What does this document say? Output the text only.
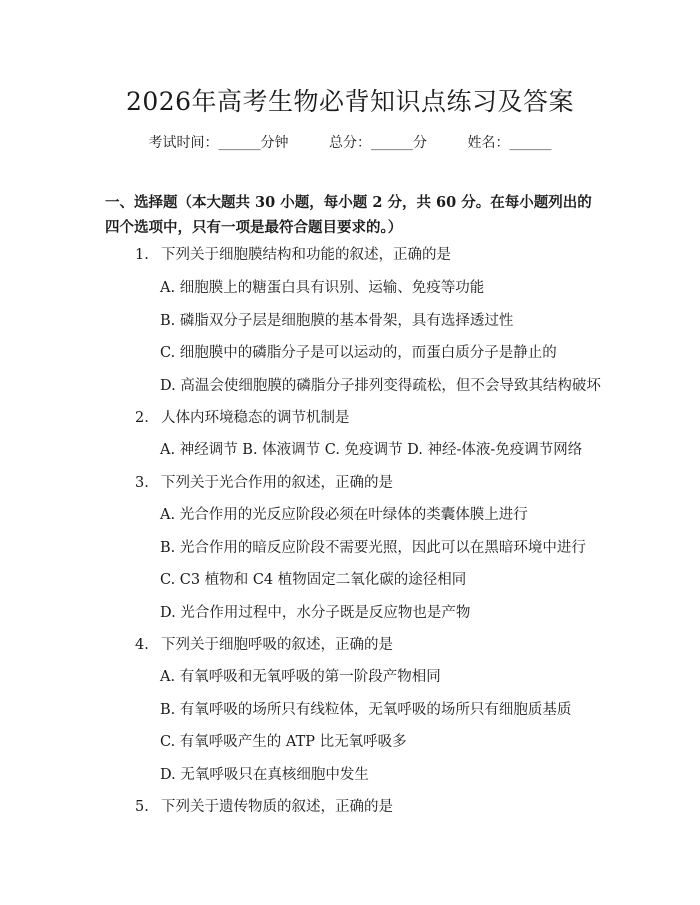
2026年高考生物必背知识点练习及答案
考试时间：______分钟	总分：______分	姓名：______
一、选择题（本大题共 30 小题，每小题 2 分，共 60 分。在每小题列出的四个选项中，只有一项是最符合题目要求的。）
1. 下列关于细胞膜结构和功能的叙述，正确的是
A. 细胞膜上的糖蛋白具有识别、运输、免疫等功能
B. 磷脂双分子层是细胞膜的基本骨架，具有选择透过性
C. 细胞膜中的磷脂分子是可以运动的，而蛋白质分子是静止的
D. 高温会使细胞膜的磷脂分子排列变得疏松，但不会导致其结构破坏
2. 人体内环境稳态的调节机制是
A. 神经调节 B. 体液调节 C. 免疫调节 D. 神经-体液-免疫调节网络
3. 下列关于光合作用的叙述，正确的是
A. 光合作用的光反应阶段必须在叶绿体的类囊体膜上进行
B. 光合作用的暗反应阶段不需要光照，因此可以在黑暗环境中进行
C. C3 植物和 C4 植物固定二氧化碳的途径相同
D. 光合作用过程中，水分子既是反应物也是产物
4. 下列关于细胞呼吸的叙述，正确的是
A. 有氧呼吸和无氧呼吸的第一阶段产物相同
B. 有氧呼吸的场所只有线粒体，无氧呼吸的场所只有细胞质基质
C. 有氧呼吸产生的 ATP 比无氧呼吸多
D. 无氧呼吸只在真核细胞中发生
5. 下列关于遗传物质的叙述，正确的是
